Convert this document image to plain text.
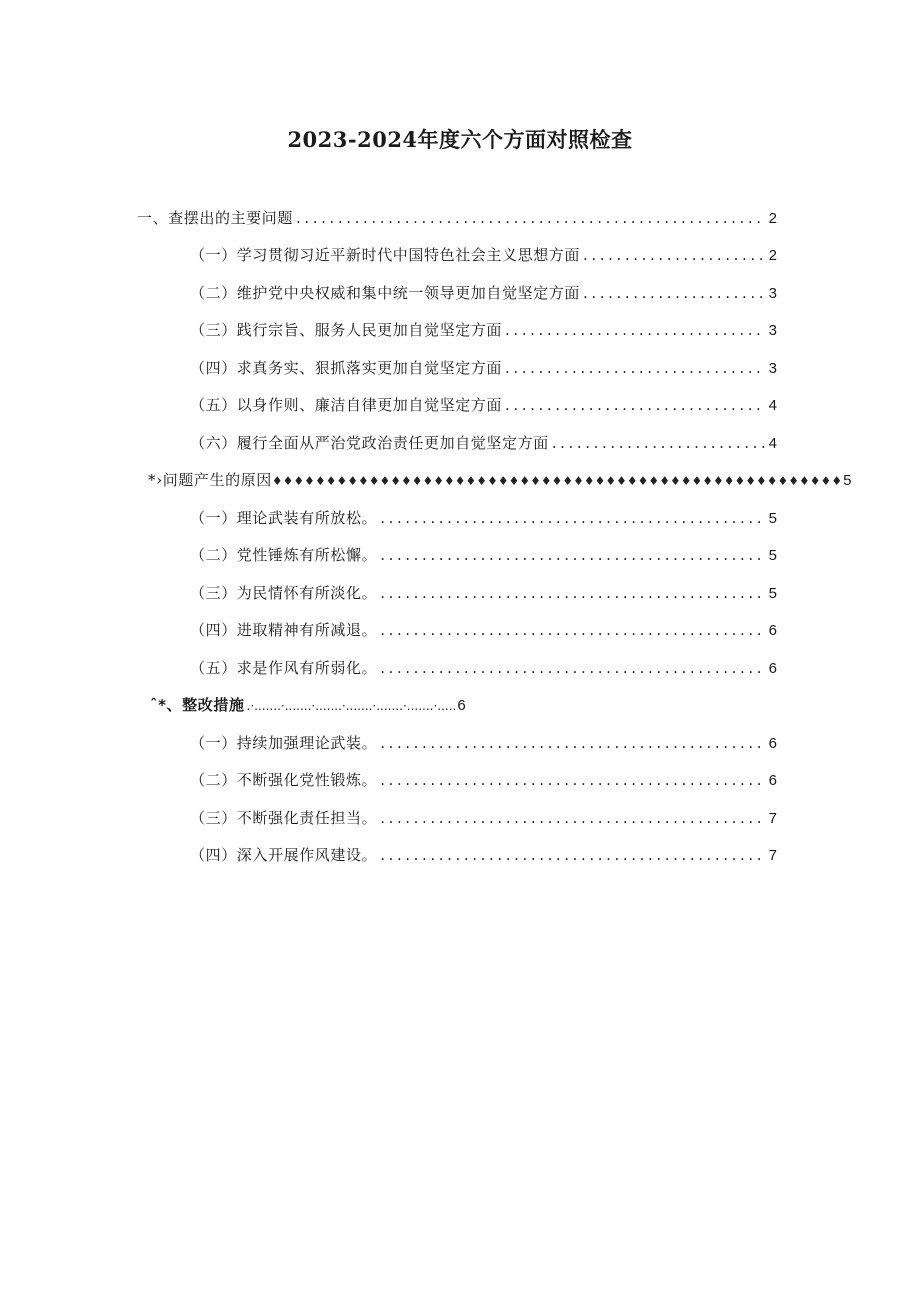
2023-2024年度六个方面对照检查
一、查摆出的主要问题 .....	2
（一）学习贯彻习近平新时代中国特色社会主义思想方面 .....	2
（二）维护党中央权威和集中统一领导更加自觉坚定方面 .....	3
（三）践行宗旨、服务人民更加自觉坚定方面 .....	3
（四）求真务实、狠抓落实更加自觉坚定方面 .....	3
（五）以身作则、廉洁自律更加自觉坚定方面 .....	4
（六）履行全面从严治党政治责任更加自觉坚定方面 .....	4
*›问题产生的原因 ♦♦♦♦♦♦♦♦♦♦♦♦♦♦♦♦♦♦♦♦♦♦♦♦♦♦♦♦♦♦♦♦♦♦♦♦♦♦♦♦♦♦♦♦♦♦♦♦♦♦♦♦♦ 5
（一）理论武装有所放松。 .....	5
（二）党性锤炼有所松懈。 .....	5
（三）为民情怀有所淡化。 .....	5
（四）进取精神有所减退。 .....	6
（五）求是作风有所弱化。 .....	6
ˆ*、整改措施 .·.......·.......·.......·.......·.......·.......·..... 6
（一）持续加强理论武装。 .....	6
（二）不断强化党性锻炼。 .....	6
（三）不断强化责任担当。 .....	7
（四）深入开展作风建设。 .....	7
